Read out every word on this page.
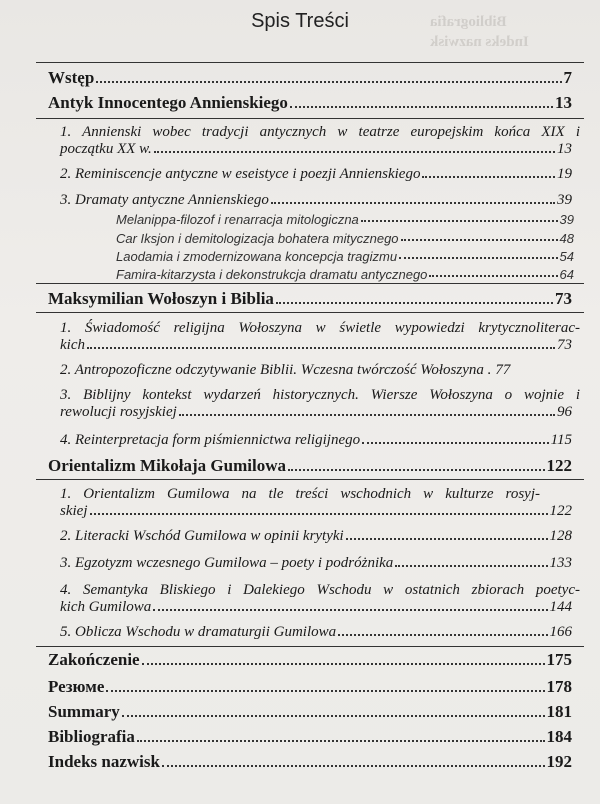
Bibliografia
Indeks nazwisk
Spis Treści
Wstęp	7
Antyk Innocentego Annienskiego	13
1. Annienski wobec tradycji antycznych w teatrze europejskim końca XIX i
początku XX w.	13
2. Reminiscencje antyczne w eseistyce i poezji Annienskiego	19
3. Dramaty antyczne Annienskiego	39
Melanippa-filozof i renarracja mitologiczna	39
Car Iksjon i demitologizacja bohatera mitycznego	48
Laodamia i zmodernizowana koncepcja tragizmu	54
Famira-kitarzysta i dekonstrukcja dramatu antycznego	64
Maksymilian Wołoszyn i Biblia	73
1. Świadomość religijna Wołoszyna w świetle wypowiedzi krytycznoliterac-
kich	73
2. Antropozoficzne odczytywanie Biblii. Wczesna twórczość Wołoszyna . 77
3. Biblijny kontekst wydarzeń historycznych. Wiersze Wołoszyna o wojnie i
rewolucji rosyjskiej	96
4. Reinterpretacja form piśmiennictwa religijnego	115
Orientalizm Mikołaja Gumilowa	122
1. Orientalizm Gumilowa na tle treści wschodnich w kulturze rosyj-
skiej	122
2. Literacki Wschód Gumilowa w opinii krytyki	128
3. Egzotyzm wczesnego Gumilowa – poety i podróżnika	133
4. Semantyka Bliskiego i Dalekiego Wschodu w ostatnich zbiorach poetyc-
kich Gumilowa	144
5. Oblicza Wschodu w dramaturgii Gumilowa	166
Zakończenie	175
Резюме	178
Summary	181
Bibliografia	184
Indeks nazwisk	192
